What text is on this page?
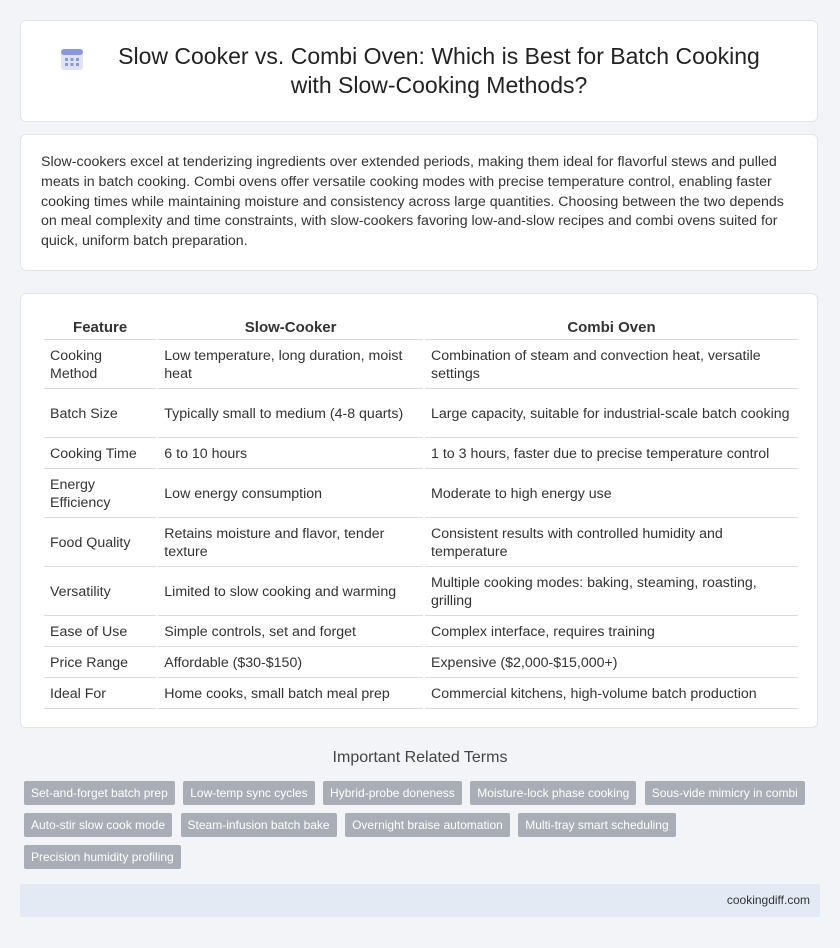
Slow Cooker vs. Combi Oven: Which is Best for Batch Cooking with Slow-Cooking Methods?

Slow-cookers excel at tenderizing ingredients over extended periods, making them ideal for flavorful stews and pulled meats in batch cooking. Combi ovens offer versatile cooking modes with precise temperature control, enabling faster cooking times while maintaining moisture and consistency across large quantities. Choosing between the two depends on meal complexity and time constraints, with slow-cookers favoring low-and-slow recipes and combi ovens suited for quick, uniform batch preparation.

Feature	Slow-Cooker	Combi Oven
Cooking Method	Low temperature, long duration, moist heat	Combination of steam and convection heat, versatile settings
Batch Size	Typically small to medium (4-8 quarts)	Large capacity, suitable for industrial-scale batch cooking
Cooking Time	6 to 10 hours	1 to 3 hours, faster due to precise temperature control
Energy Efficiency	Low energy consumption	Moderate to high energy use
Food Quality	Retains moisture and flavor, tender texture	Consistent results with controlled humidity and temperature
Versatility	Limited to slow cooking and warming	Multiple cooking modes: baking, steaming, roasting, grilling
Ease of Use	Simple controls, set and forget	Complex interface, requires training
Price Range	Affordable ($30-$150)	Expensive ($2,000-$15,000+)
Ideal For	Home cooks, small batch meal prep	Commercial kitchens, high-volume batch production
Important Related Terms
Set-and-forget batch prep Low-temp sync cycles Hybrid-probe doneness Moisture-lock phase cooking Sous-vide mimicry in combi
Auto-stir slow cook mode Steam-infusion batch bake Overnight braise automation Multi-tray smart scheduling
Precision humidity profiling
cookingdiff.com
